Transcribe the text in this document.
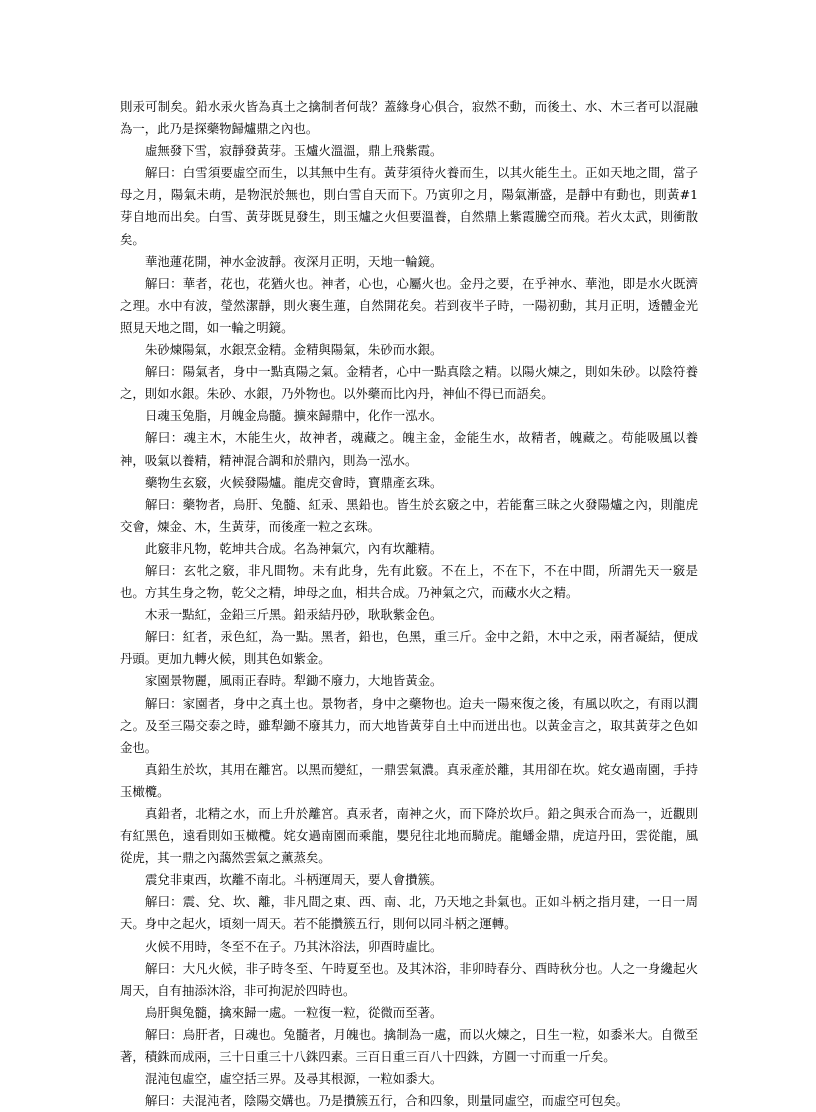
則汞可制矣。鉛水汞火皆為真土之擒制者何哉？蓋緣身心俱合，寂然不動，而後土、水、木三者可以混融為一，此乃是探藥物歸爐鼎之內也。

虛無發下雪，寂靜發黃芽。玉爐火溫溫，鼎上飛紫霞。

解曰：白雪須要虛空而生，以其無中生有。黃芽須待火養而生，以其火能生土。正如天地之間，當子母之月，陽氣未萌，是物泯於無也，則白雪自天而下。乃寅卯之月，陽氣漸盛，是靜中有動也，則黃#1 芽自地而出矣。白雪、黃芽既見發生，則玉爐之火但要溫養，自然鼎上紫霞騰空而飛。若火太武，則衝散矣。

華池蓮花開，神水金波靜。夜深月正明，天地一輪鏡。

解曰：華者，花也，花猶火也。神者，心也，心屬火也。金丹之要，在乎神水、華池，即是水火既濟之理。水中有波，瑩然潔靜，則火裹生蓮，自然開花矣。若到夜半子時，一陽初動，其月正明，透體金光照見天地之間，如一輪之明鏡。

朱砂煉陽氣，水銀烹金精。金精與陽氣，朱砂而水銀。

解曰：陽氣者，身中一點真陽之氣。金精者，心中一點真陰之精。以陽火煉之，則如朱砂。以陰符養之，則如水銀。朱砂、水銀，乃外物也。以外藥而比內丹，神仙不得已而語矣。

日魂玉兔脂，月魄金烏髓。擴來歸鼎中，化作一泓水。

解曰：魂主木，木能生火，故神者，魂藏之。魄主金，金能生水，故精者，魄藏之。苟能吸風以養神，吸氣以養精，精神混合調和於鼎內，則為一泓水。

藥物生玄竅，火候發陽爐。龍虎交會時，寶鼎產玄珠。

解曰：藥物者，烏肝、兔髓、紅汞、黑鉛也。皆生於玄竅之中，若能奮三昧之火發陽爐之內，則龍虎交會，煉金、木，生黃芽，而後產一粒之玄珠。

此竅非凡物，乾坤共合成。名為神氣穴，內有坎離精。

解曰：玄牝之竅，非凡間物。未有此身，先有此竅。不在上，不在下，不在中間，所謂先天一竅是也。方其生身之物，乾父之精，坤母之血，相共合成。乃神氣之穴，而藏水火之精。

木汞一點紅，金鉛三斤黑。鉛汞結丹砂，耿耿紫金色。

解曰：紅者，汞色紅，為一點。黑者，鉛也，色黑，重三斤。金中之鉛，木中之汞，兩者凝結，便成丹頭。更加九轉火候，則其色如紫金。

家園景物麗，風雨正春時。犁鋤不廢力，大地皆黃金。

解曰：家園者，身中之真土也。景物者，身中之藥物也。迨夫一陽來復之後，有風以吹之，有雨以潤之。及至三陽交泰之時，雖犁鋤不廢其力，而大地皆黃芽自土中而迸出也。以黃金言之，取其黃芽之色如金也。

真鉛生於坎，其用在離宮。以黑而變紅，一鼎雲氣濃。真汞產於離，其用卻在坎。姹女過南園，手持玉橄欖。

真鉛者，北精之水，而上升於離宮。真汞者，南神之火，而下降於坎戶。鉛之與汞合而為一，近觀則有紅黑色，遠看則如玉橄欖。姹女過南園而乘龍，嬰兒往北地而騎虎。龍蟠金鼎，虎這丹田，雲從龍，風從虎，其一鼎之內藹然雲氣之薰蒸矣。

震兌非東西，坎離不南北。斗柄運周天，要人會攢簇。

解曰：震、兌、坎、離，非凡間之東、西、南、北，乃天地之卦氣也。正如斗柄之指月建，一日一周天。身中之起火，頃刻一周天。若不能攢簇五行，則何以同斗柄之運轉。

火候不用時，冬至不在子。乃其沐浴法，卯酉時虛比。

解曰：大凡火候，非子時冬至、午時夏至也。及其沐浴，非卯時春分、酉時秋分也。人之一身纔起火周天，自有抽添沐浴，非可拘泥於四時也。

烏肝與兔髓，擒來歸一處。一粒復一粒，從微而至著。

解曰：烏肝者，日魂也。兔髓者，月魄也。擒制為一處，而以火煉之，日生一粒，如黍米大。自微至著，積銖而成兩，三十日重三十八銖四素。三百日重三百八十四銖，方圓一寸而重一斤矣。

混沌包虛空，虛空括三界。及尋其根源，一粒如黍大。

解曰：夫混沌者，陰陽交媾也。乃是攢簇五行，合和四象，則量同虛空，而虛空可包矣。
